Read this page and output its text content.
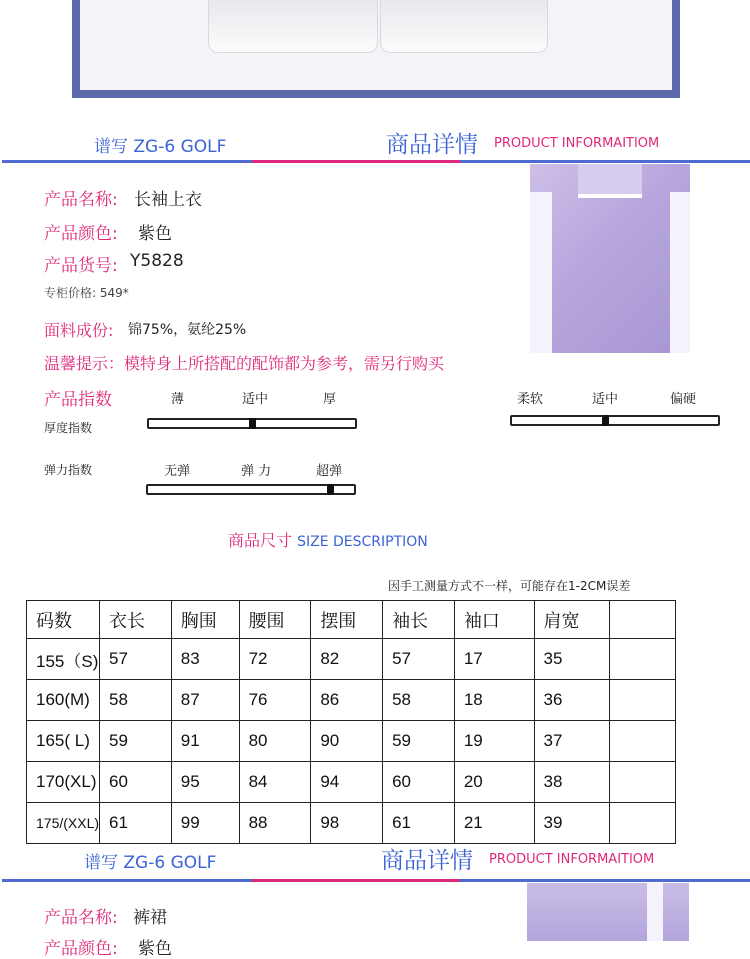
谱写 ZG-6 GOLF	商品详情 PRODUCT INFORMAITIOM
产品名称: 长袖上衣
产品颜色: 紫色
产品货号: Y5828
专柜价格: 549*
面料成份: 锦75%，氨纶25%
温馨提示：模特身上所搭配的配饰都为参考，需另行购买
产品指数	薄	适中	厚
厚度指数
柔软	适中	偏硬
弹力指数	无弹	弹 力	超弹
商品尺寸 SIZE DESCRIPTION
因手工测量方式不一样，可能存在1-2CM误差
码数	衣长	胸围	腰围	摆围	袖长	袖口	肩宽	
155（S)	57	83	72	82	57	17	35	
160(M)	58	87	76	86	58	18	36	
165( L)	59	91	80	90	59	19	37	
170(XL)	60	95	84	94	60	20	38	
175/(XXL)	61	99	88	98	61	21	39	
谱写 ZG-6 GOLF	商品详情 PRODUCT INFORMAITIOM
产品名称: 裤裙
产品颜色: 紫色
